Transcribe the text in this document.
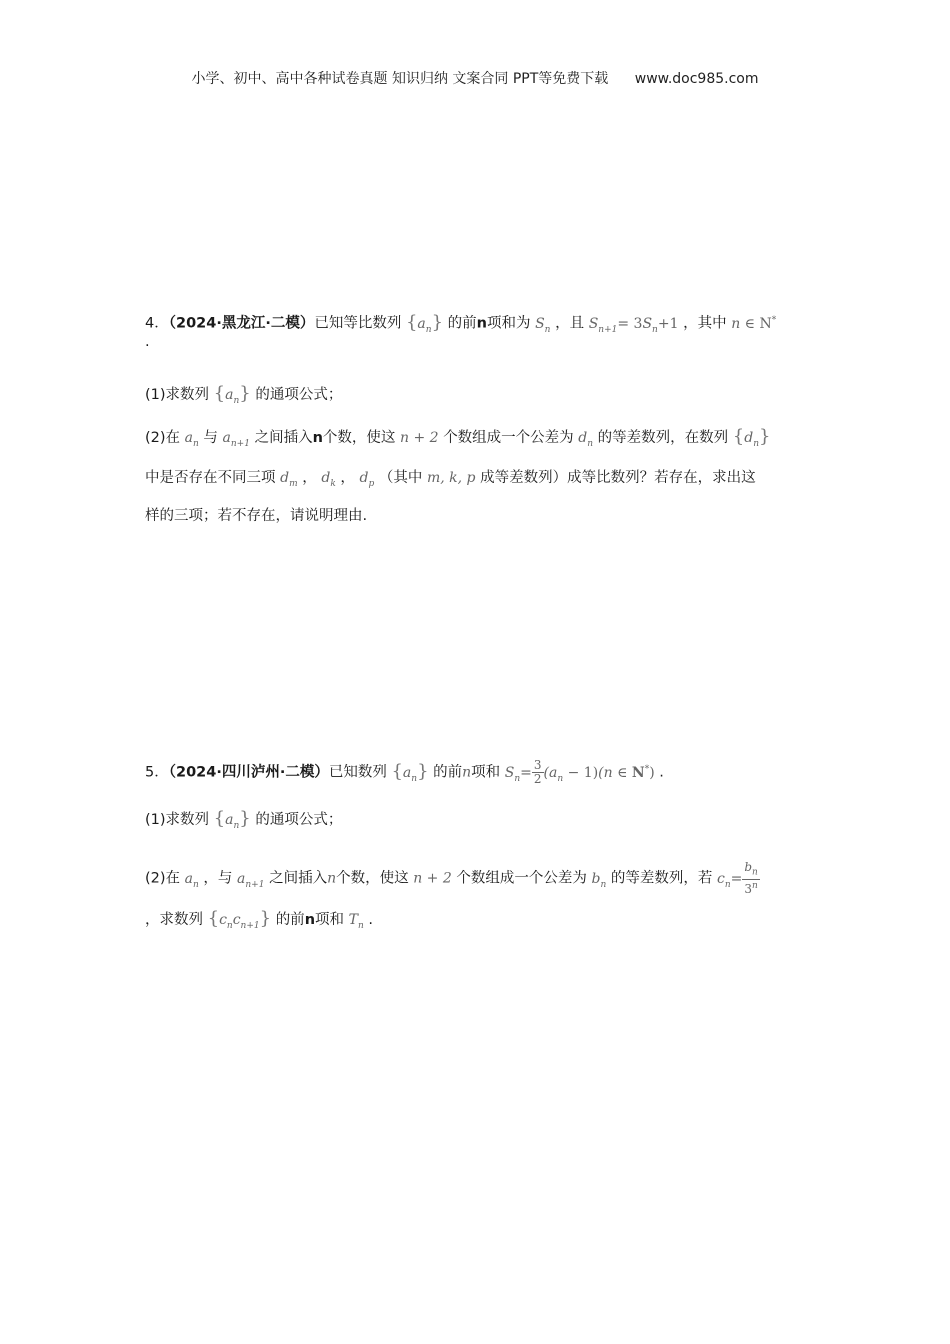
小学、初中、高中各种试卷真题 知识归纳 文案合同 PPT等免费下载 www.doc985.com
4．（2024·黑龙江·二模）已知等比数列 $\{a_n\}$ 的前n项和为 $S_n$ ，且 $S_{n+1}= 3S_n+1$ ，其中 n ∈ N*
.
(1)求数列 $\{a_n\}$ 的通项公式；
(2)在 $a_n$ 与 $a_{n+1}$ 之间插入n个数，使这 n + 2 个数组成一个公差为 $d_n$ 的等差数列，在数列 $\{d_n\}$
中是否存在不同三项 $d_m$ ， $d_k$ ， $d_p$ （其中 m, k, p 成等差数列）成等比数列？若存在，求出这
样的三项；若不存在，请说明理由.
5．（2024·四川泸州·二模）已知数列 $\{a_n\}$ 的前n项和 $S_n= \frac{3}{2} (a_n - 1)(n$ ∈ N*) .
(1)求数列 $\{a_n\}$ 的通项公式；
(2)在 $a_n$ ，与 $a_{n+1}$ 之间插入n个数，使这 n + 2 个数组成一个公差为 $b_n$ 的等差数列，若 $c_n= \frac{b_n}{3^n}$
，求数列 $\{c_nc_{n+1}\}$ 的前n项和 $T_n$ .
